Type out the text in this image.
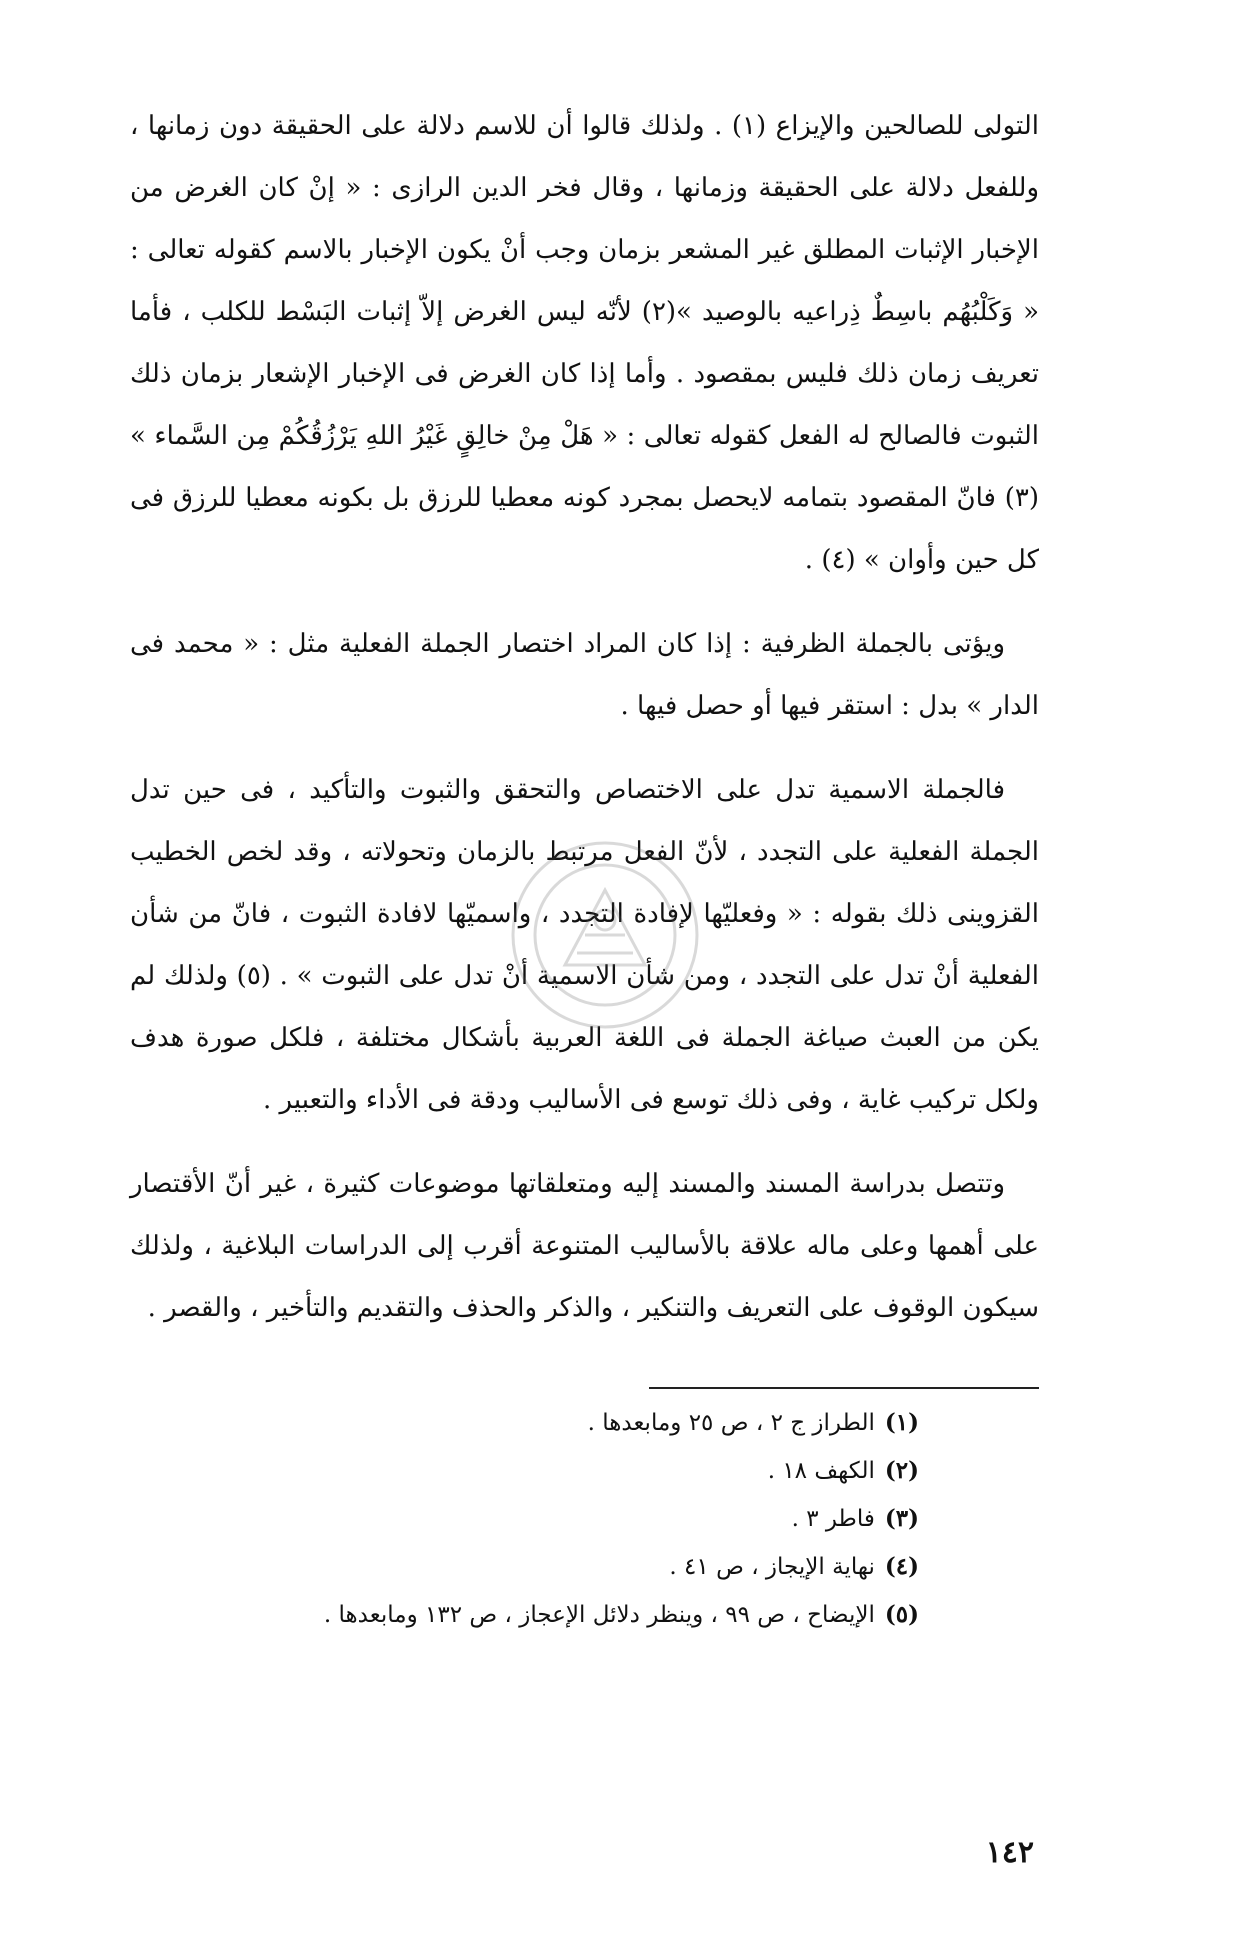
التولى للصالحين والإيزاع (١) . ولذلك قالوا أن للاسم دلالة على الحقيقة دون زمانها ، وللفعل دلالة على الحقيقة وزمانها ، وقال فخر الدين الرازى : « إنْ كان الغرض من الإخبار الإثبات المطلق غير المشعر بزمان وجب أنْ يكون الإخبار بالاسم كقوله تعالى : « وَكَلْبُهُم باسِطٌ ذِراعيه بالوصيد »(٢) لأنّه ليس الغرض إلاّ إثبات البَسْط للكلب ، فأما تعريف زمان ذلك فليس بمقصود . وأما إذا كان الغرض فى الإخبار الإشعار بزمان ذلك الثبوت فالصالح له الفعل كقوله تعالى : « هَلْ مِنْ خالِقٍ غَيْرُ اللهِ يَرْزُقُكُمْ مِن السَّماء » (٣) فانّ المقصود بتمامه لايحصل بمجرد كونه معطيا للرزق بل بكونه معطيا للرزق فى كل حين وأوان » (٤) .

ويؤتى بالجملة الظرفية : إذا كان المراد اختصار الجملة الفعلية مثل : « محمد فى الدار » بدل : استقر فيها أو حصل فيها .

فالجملة الاسمية تدل على الاختصاص والتحقق والثبوت والتأكيد ، فى حين تدل الجملة الفعلية على التجدد ، لأنّ الفعل مرتبط بالزمان وتحولاته ، وقد لخص الخطيب القزوينى ذلك بقوله : « وفعليّها لإفادة التجدد ، واسميّها لافادة الثبوت ، فانّ من شأن الفعلية أنْ تدل على التجدد ، ومن شأن الاسمية أنْ تدل على الثبوت » . (٥) ولذلك لم يكن من العبث صياغة الجملة فى اللغة العربية بأشكال مختلفة ، فلكل صورة هدف ولكل تركيب غاية ، وفى ذلك توسع فى الأساليب ودقة فى الأداء والتعبير .

وتتصل بدراسة المسند والمسند إليه ومتعلقاتها موضوعات كثيرة ، غير أنّ الأقتصار على أهمها وعلى ماله علاقة بالأساليب المتنوعة أقرب إلى الدراسات البلاغية ، ولذلك سيكون الوقوف على التعريف والتنكير ، والذكر والحذف والتقديم والتأخير ، والقصر .

(١)الطراز ج ٢ ، ص ٢٥ ومابعدها .
(٢)الكهف ١٨ .
(٣)فاطر ٣ .
(٤)نهاية الإيجاز ، ص ٤١ .
(٥)الإيضاح ، ص ٩٩ ، وينظر دلائل الإعجاز ، ص ١٣٢ ومابعدها .
١٤٢
